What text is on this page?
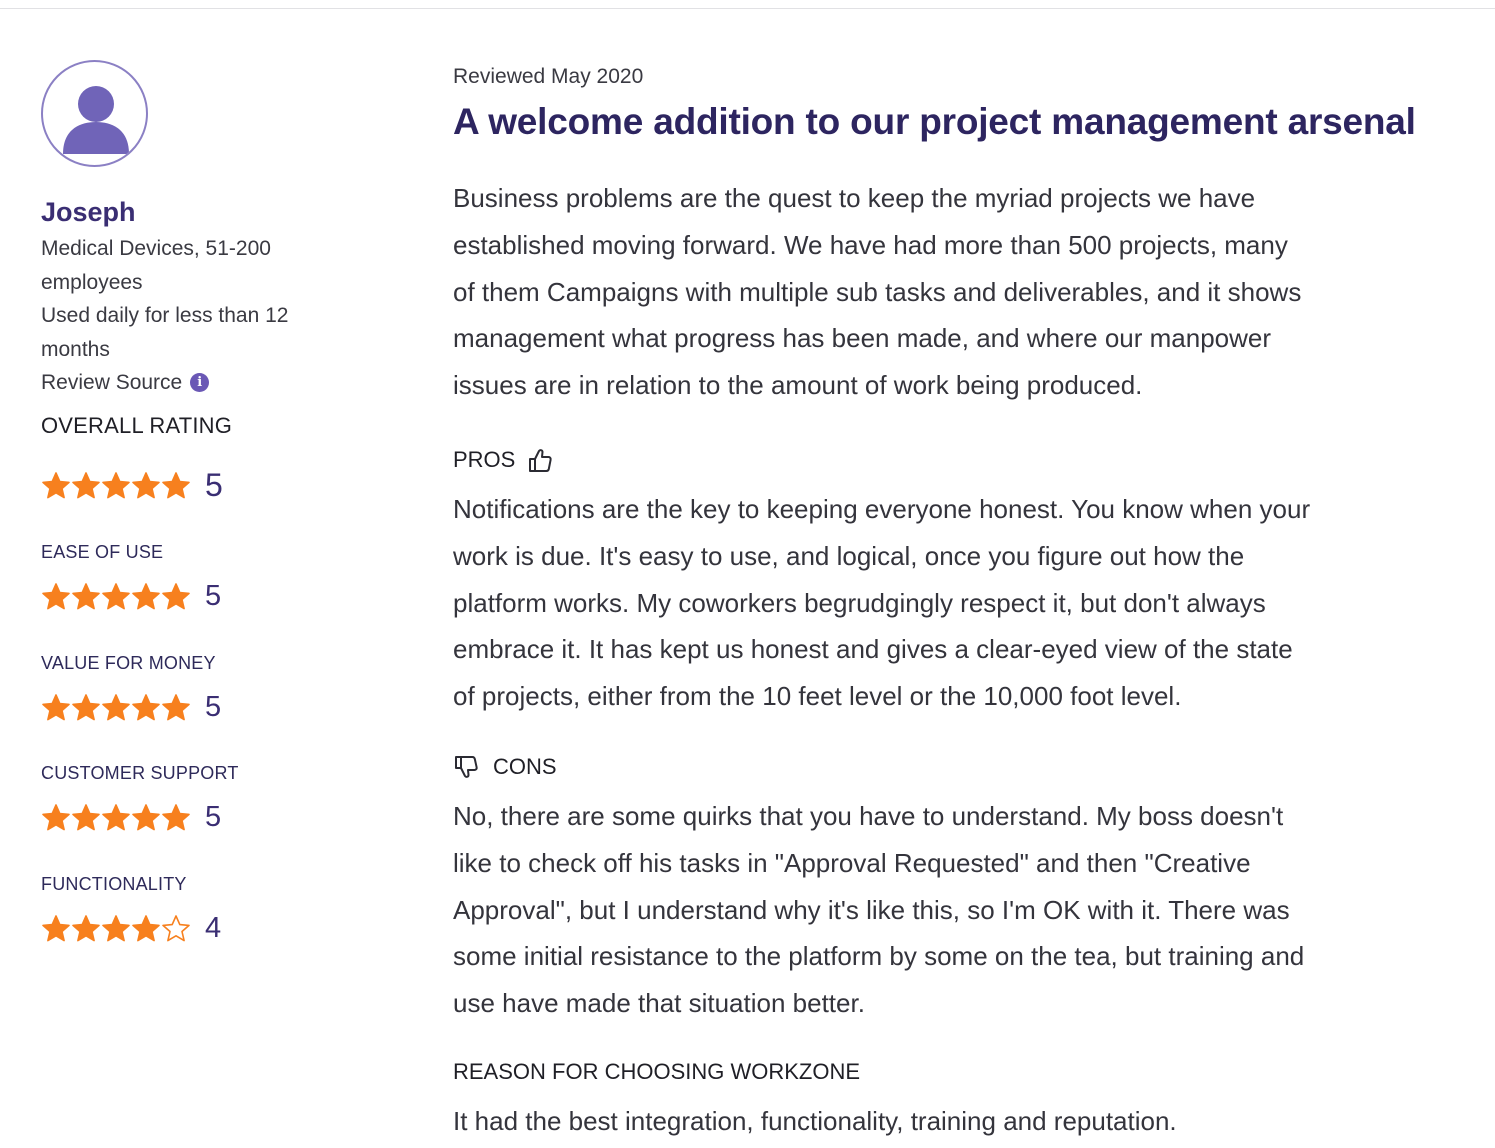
Joseph
Medical Devices, 51-200
employees
Used daily for less than 12
months
Review Source	i
OVERALL RATING
5
EASE OF USE
5
VALUE FOR MONEY
5
CUSTOMER SUPPORT
5
FUNCTIONALITY
4
Reviewed May 2020
A welcome addition to our project management arsenal
Business problems are the quest to keep the myriad projects we have
established moving forward. We have had more than 500 projects, many
of them Campaigns with multiple sub tasks and deliverables, and it shows
management what progress has been made, and where our manpower
issues are in relation to the amount of work being produced.
PROS
Notifications are the key to keeping everyone honest. You know when your
work is due. It's easy to use, and logical, once you figure out how the
platform works. My coworkers begrudgingly respect it, but don't always
embrace it. It has kept us honest and gives a clear-eyed view of the state
of projects, either from the 10 feet level or the 10,000 foot level.
CONS
No, there are some quirks that you have to understand. My boss doesn't
like to check off his tasks in "Approval Requested" and then "Creative
Approval", but I understand why it's like this, so I'm OK with it. There was
some initial resistance to the platform by some on the tea, but training and
use have made that situation better.
REASON FOR CHOOSING WORKZONE
It had the best integration, functionality, training and reputation.
